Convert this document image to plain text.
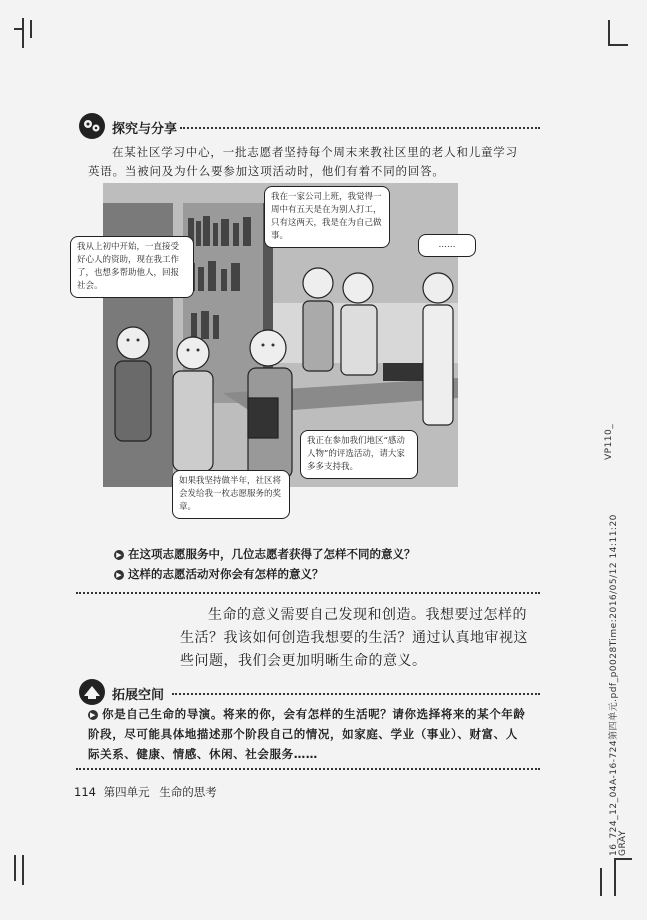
探究与分享
在某社区学习中心，一批志愿者坚持每个周末来教社区里的老人和儿童学习英语。当被问及为什么要参加这项活动时，他们有着不同的回答。
我从上初中开始，一直接受好心人的资助，现在我工作了，也想多帮助他人，回报社会。
我在一家公司上班，我觉得一周中有五天是在为别人打工，只有这两天，我是在为自己做事。
……
如果我坚持做半年，社区将会发给我一枚志愿服务的奖章。
我正在参加我们地区“感动人物”的评选活动，请大家多多支持我。
▶ 在这项志愿服务中，几位志愿者获得了怎样不同的意义？
▶ 这样的志愿活动对你会有怎样的意义？
生命的意义需要自己发现和创造。我想要过怎样的生活？我该如何创造我想要的生活？通过认真地审视这些问题，我们会更加明晰生命的意义。
拓展空间
▶ 你是自己生命的导演。将来的你，会有怎样的生活呢？请你选择将来的某个年龄阶段，尽可能具体地描述那个阶段自己的情况，如家庭、学业（事业）、财富、人际关系、健康、情感、休闲、社会服务……
114 第四单元 生命的思考
VP110_
16_724_12_04A-16-724第四单元.pdf_p0028Time:2016/05/12 14:11:20 GRAY
